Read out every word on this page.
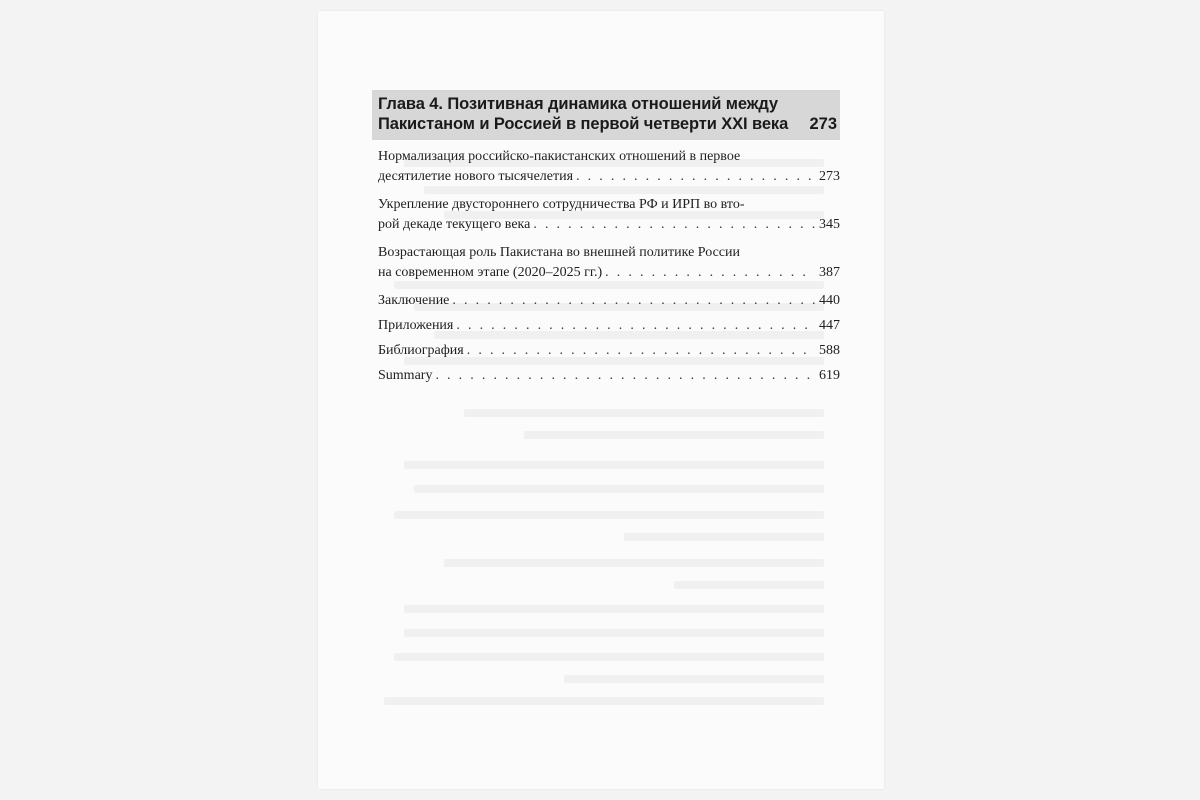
Глава 4. Позитивная динамика отношений между
Пакистаном и Россией в первой четверти XXI века 273
Нормализация российско-пакистанских отношений в первое
десятилетие нового тысячелетия . . .	273
Укрепление двустороннего сотрудничества РФ и ИРП во вто-
рой декаде текущего века . . .	345
Возрастающая роль Пакистана во внешней политике России
на современном этапе (2020–2025 гг.) . . .	387
Заключение . . .	440
Приложения . . .	447
Библиография . . .	588
Summary . . .	619
